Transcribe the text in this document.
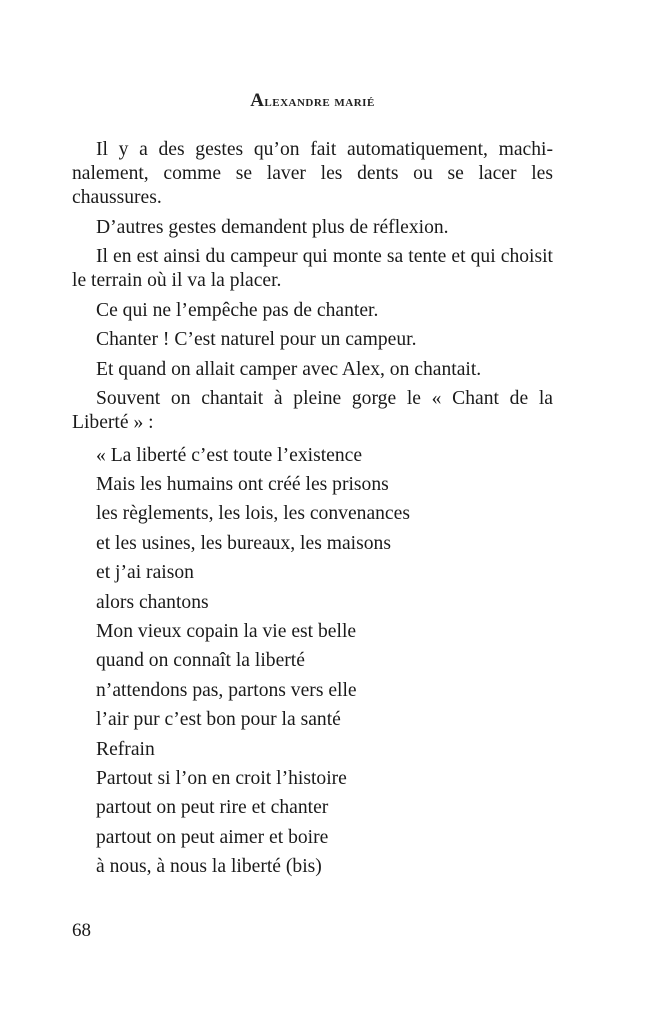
Alexandre marié

Il y a des gestes qu’on fait automatiquement, machinalement, comme se laver les dents ou se lacer les chaussures.

D’autres gestes demandent plus de réflexion.

Il en est ainsi du campeur qui monte sa tente et qui choisit le terrain où il va la placer.

Ce qui ne l’empêche pas de chanter.

Chanter ! C’est naturel pour un campeur.

Et quand on allait camper avec Alex, on chantait.

Souvent on chantait à pleine gorge le « Chant de la Liberté » :

« La liberté c’est toute l’existence

Mais les humains ont créé les prisons

les règlements, les lois, les convenances

et les usines, les bureaux, les maisons

et j’ai raison

alors chantons

Mon vieux copain la vie est belle

quand on connaît la liberté

n’attendons pas, partons vers elle

l’air pur c’est bon pour la santé

Refrain

Partout si l’on en croit l’histoire

partout on peut rire et chanter

partout on peut aimer et boire

à nous, à nous la liberté (bis)

68
